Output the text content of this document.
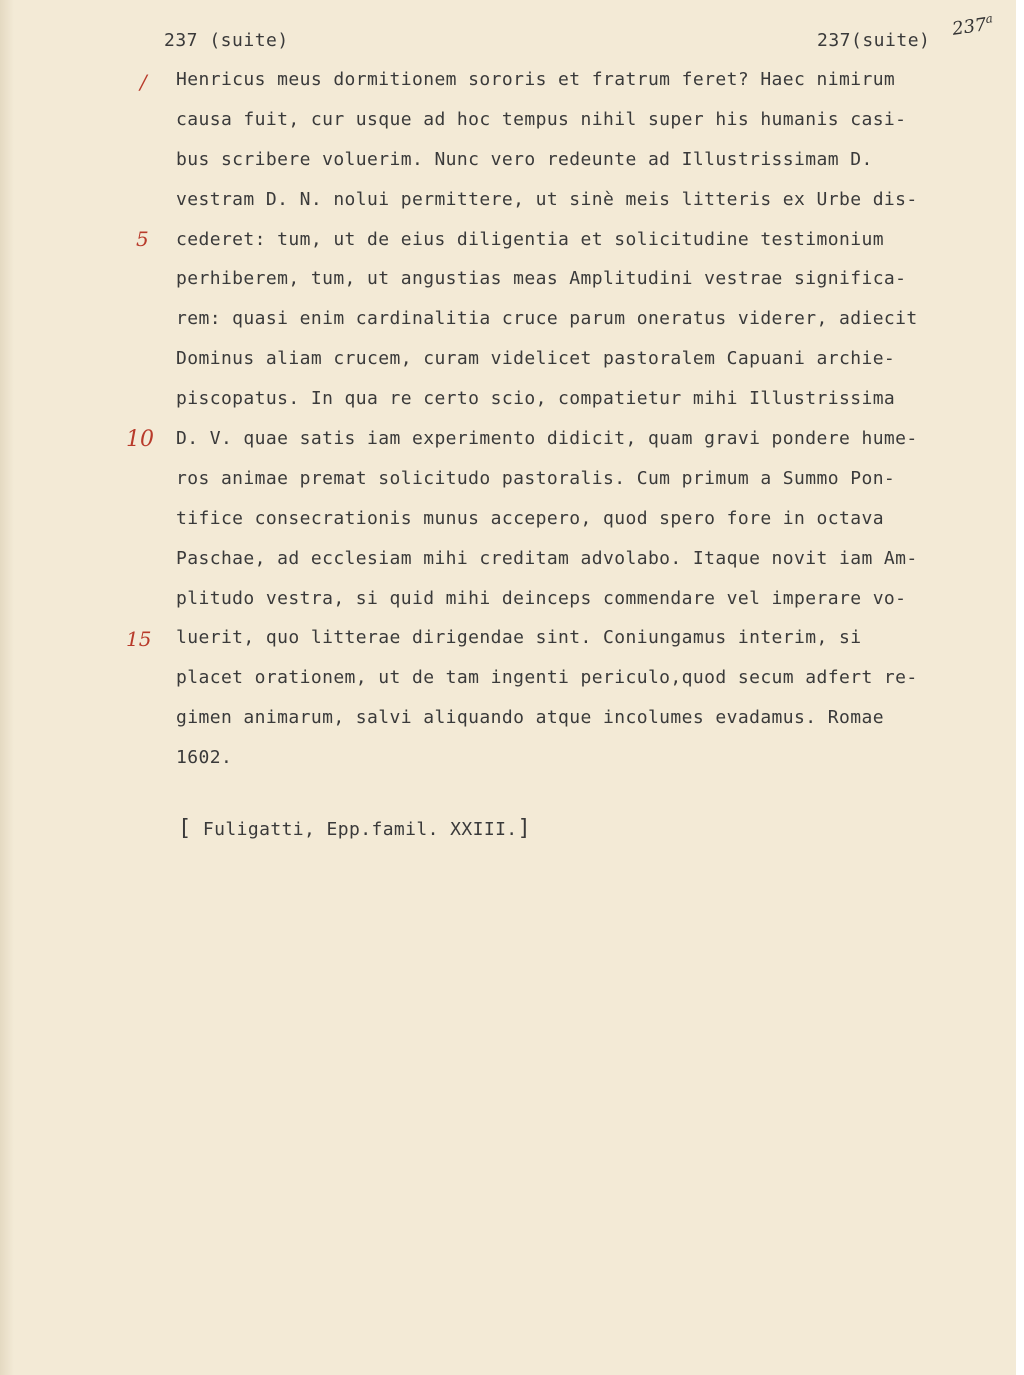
237 (suite)	237(suite)
237$^a$
/
5
10
15
Henricus meus dormitionem sororis et fratrum feret? Haec nimirum
causa fuit, cur usque ad hoc tempus nihil super his humanis casi-
bus scribere voluerim. Nunc vero redeunte ad Illustrissimam D.
vestram D. N. nolui permittere, ut sinè meis litteris ex Urbe dis-
cederet: tum, ut de eius diligentia et solicitudine testimonium
perhiberem, tum, ut angustias meas Amplitudini vestrae significa-
rem: quasi enim cardinalitia cruce parum oneratus viderer, adiecit
Dominus aliam crucem, curam videlicet pastoralem Capuani archie-
piscopatus. In qua re certo scio, compatietur mihi Illustrissima
D. V. quae satis iam experimento didicit, quam gravi pondere hume-
ros animae premat solicitudo pastoralis. Cum primum a Summo Pon-
tifice consecrationis munus accepero, quod spero fore in octava
Paschae, ad ecclesiam mihi creditam advolabo. Itaque novit iam Am-
plitudo vestra, si quid mihi deinceps commendare vel imperare vo-
luerit, quo litterae dirigendae sint. Coniungamus interim, si
placet orationem, ut de tam ingenti periculo,quod secum adfert re-
gimen animarum, salvi aliquando atque incolumes evadamus. Romae
1602.
[ Fuligatti, Epp.famil. XXIII.]
